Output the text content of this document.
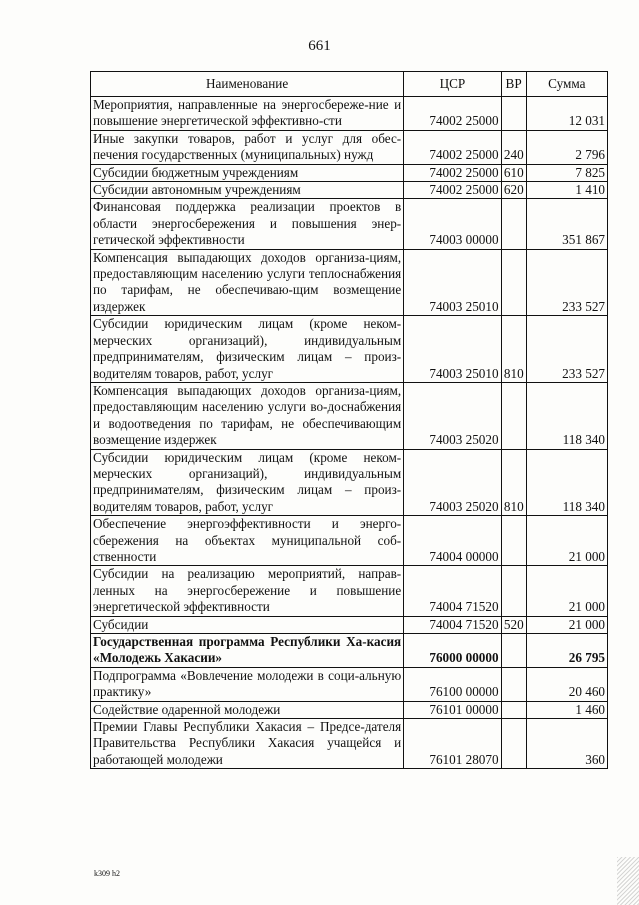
661
Наименование	ЦСР	ВР	Сумма
Мероприятия, направленные на энергосбереже-ние и повышение энергетической эффективно-сти	74002 25000		12 031
Иные закупки товаров, работ и услуг для обес-печения государственных (муниципальных) нужд	74002 25000	240	2 796
Субсидии бюджетным учреждениям	74002 25000	610	7 825
Субсидии автономным учреждениям	74002 25000	620	1 410
Финансовая поддержка реализации проектов в области энергосбережения и повышения энер-гетической эффективности	74003 00000		351 867
Компенсация выпадающих доходов организа-циям, предоставляющим населению услуги теплоснабжения по тарифам, не обеспечиваю-щим возмещение издержек	74003 25010		233 527
Субсидии юридическим лицам (кроме неком-мерческих организаций), индивидуальным предпринимателям, физическим лицам – произ-водителям товаров, работ, услуг	74003 25010	810	233 527
Компенсация выпадающих доходов организа-циям, предоставляющим населению услуги во-доснабжения и водоотведения по тарифам, не обеспечивающим возмещение издержек	74003 25020		118 340
Субсидии юридическим лицам (кроме неком-мерческих организаций), индивидуальным предпринимателям, физическим лицам – произ-водителям товаров, работ, услуг	74003 25020	810	118 340
Обеспечение энергоэффективности и энерго-сбережения на объектах муниципальной соб-ственности	74004 00000		21 000
Субсидии на реализацию мероприятий, направ-ленных на энергосбережение и повышение энергетической эффективности	74004 71520		21 000
Субсидии	74004 71520	520	21 000
Государственная программа Республики Ха-касия «Молодежь Хакасии»	76000 00000		26 795
Подпрограмма «Вовлечение молодежи в соци-альную практику»	76100 00000		20 460
Содействие одаренной молодежи	76101 00000		1 460
Премии Главы Республики Хакасия – Предсе-дателя Правительства Республики Хакасия учащейся и работающей молодежи	76101 28070		360
k309 h2
